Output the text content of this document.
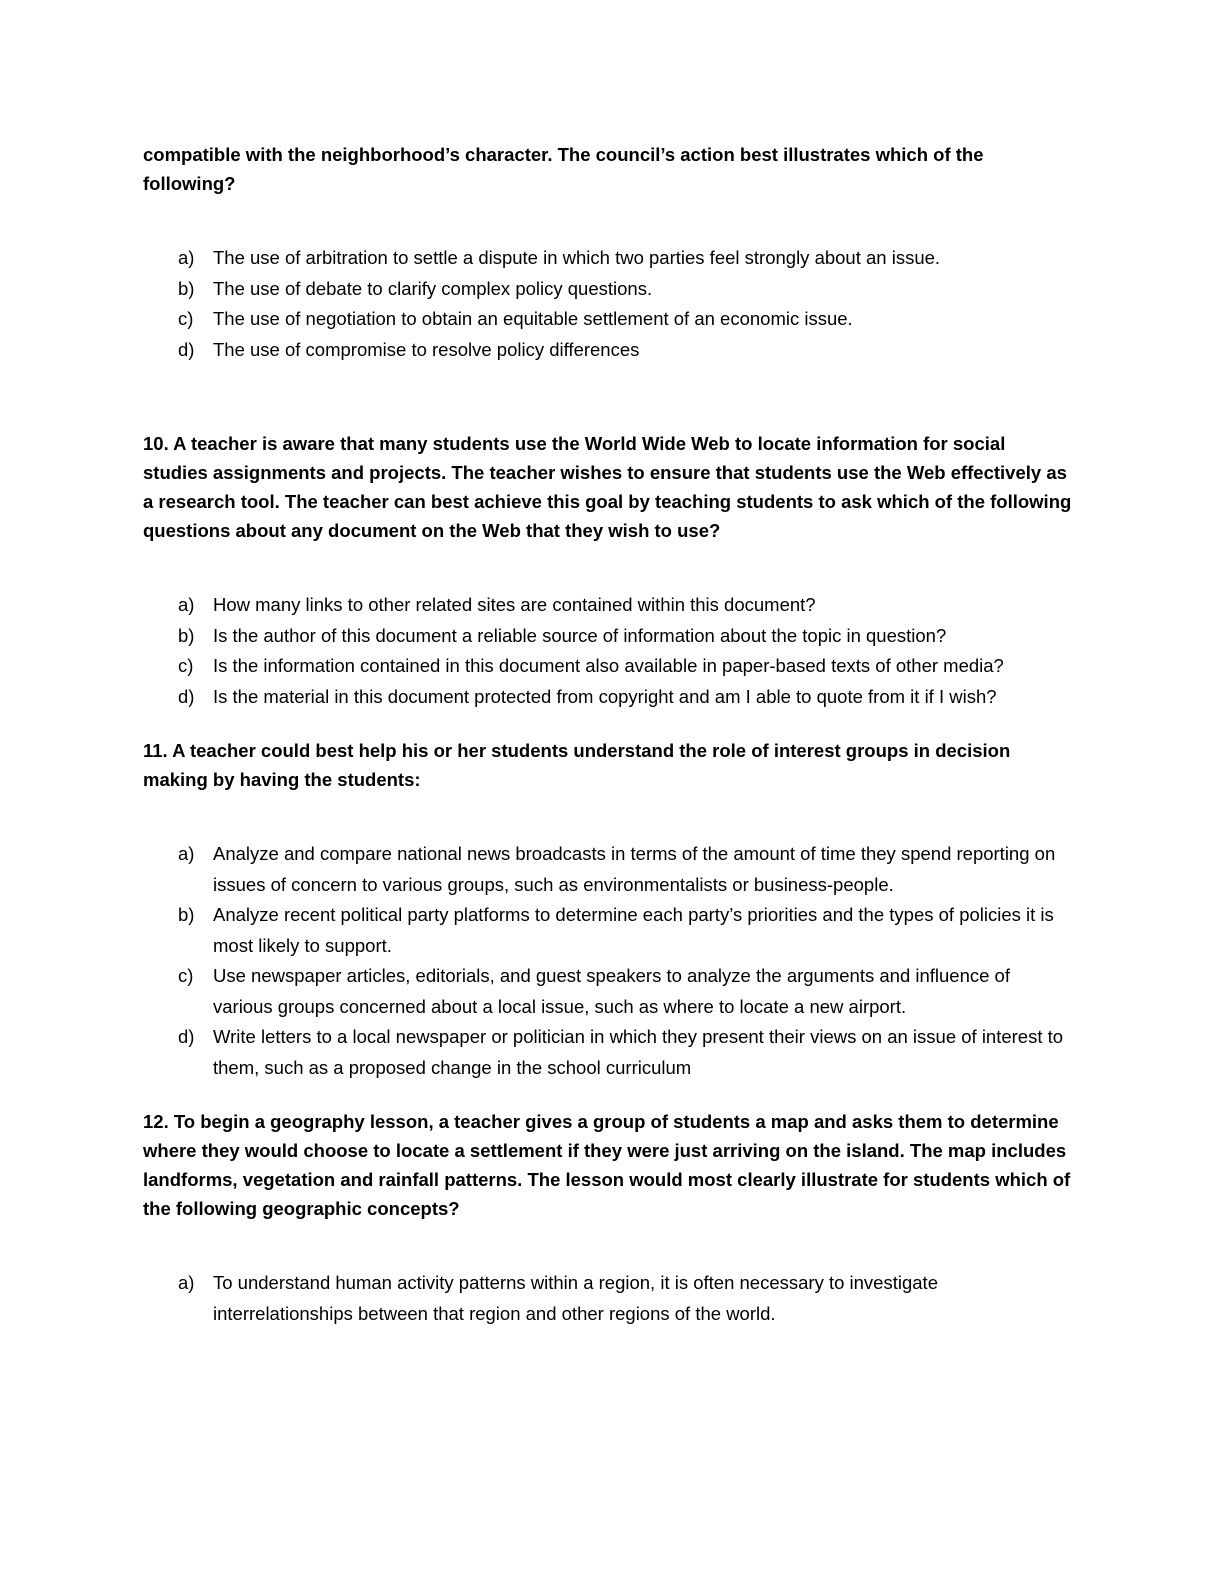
compatible with the neighborhood’s character. The council’s action best illustrates which of the following?

a) The use of arbitration to settle a dispute in which two parties feel strongly about an issue.
b) The use of debate to clarify complex policy questions.
c) The use of negotiation to obtain an equitable settlement of an economic issue.
d) The use of compromise to resolve policy differences

10. A teacher is aware that many students use the World Wide Web to locate information for social studies assignments and projects. The teacher wishes to ensure that students use the Web effectively as a research tool. The teacher can best achieve this goal by teaching students to ask which of the following questions about any document on the Web that they wish to use?

a) How many links to other related sites are contained within this document?
b) Is the author of this document a reliable source of information about the topic in question?
c) Is the information contained in this document also available in paper-based texts of other media?
d) Is the material in this document protected from copyright and am I able to quote from it if I wish?

11. A teacher could best help his or her students understand the role of interest groups in decision making by having the students:

a) Analyze and compare national news broadcasts in terms of the amount of time they spend reporting on issues of concern to various groups, such as environmentalists or business-people.
b) Analyze recent political party platforms to determine each party’s priorities and the types of policies it is most likely to support.
c) Use newspaper articles, editorials, and guest speakers to analyze the arguments and influence of various groups concerned about a local issue, such as where to locate a new airport.
d) Write letters to a local newspaper or politician in which they present their views on an issue of interest to them, such as a proposed change in the school curriculum

12. To begin a geography lesson, a teacher gives a group of students a map and asks them to determine where they would choose to locate a settlement if they were just arriving on the island. The map includes landforms, vegetation and rainfall patterns. The lesson would most clearly illustrate for students which of the following geographic concepts?

a) To understand human activity patterns within a region, it is often necessary to investigate interrelationships between that region and other regions of the world.
